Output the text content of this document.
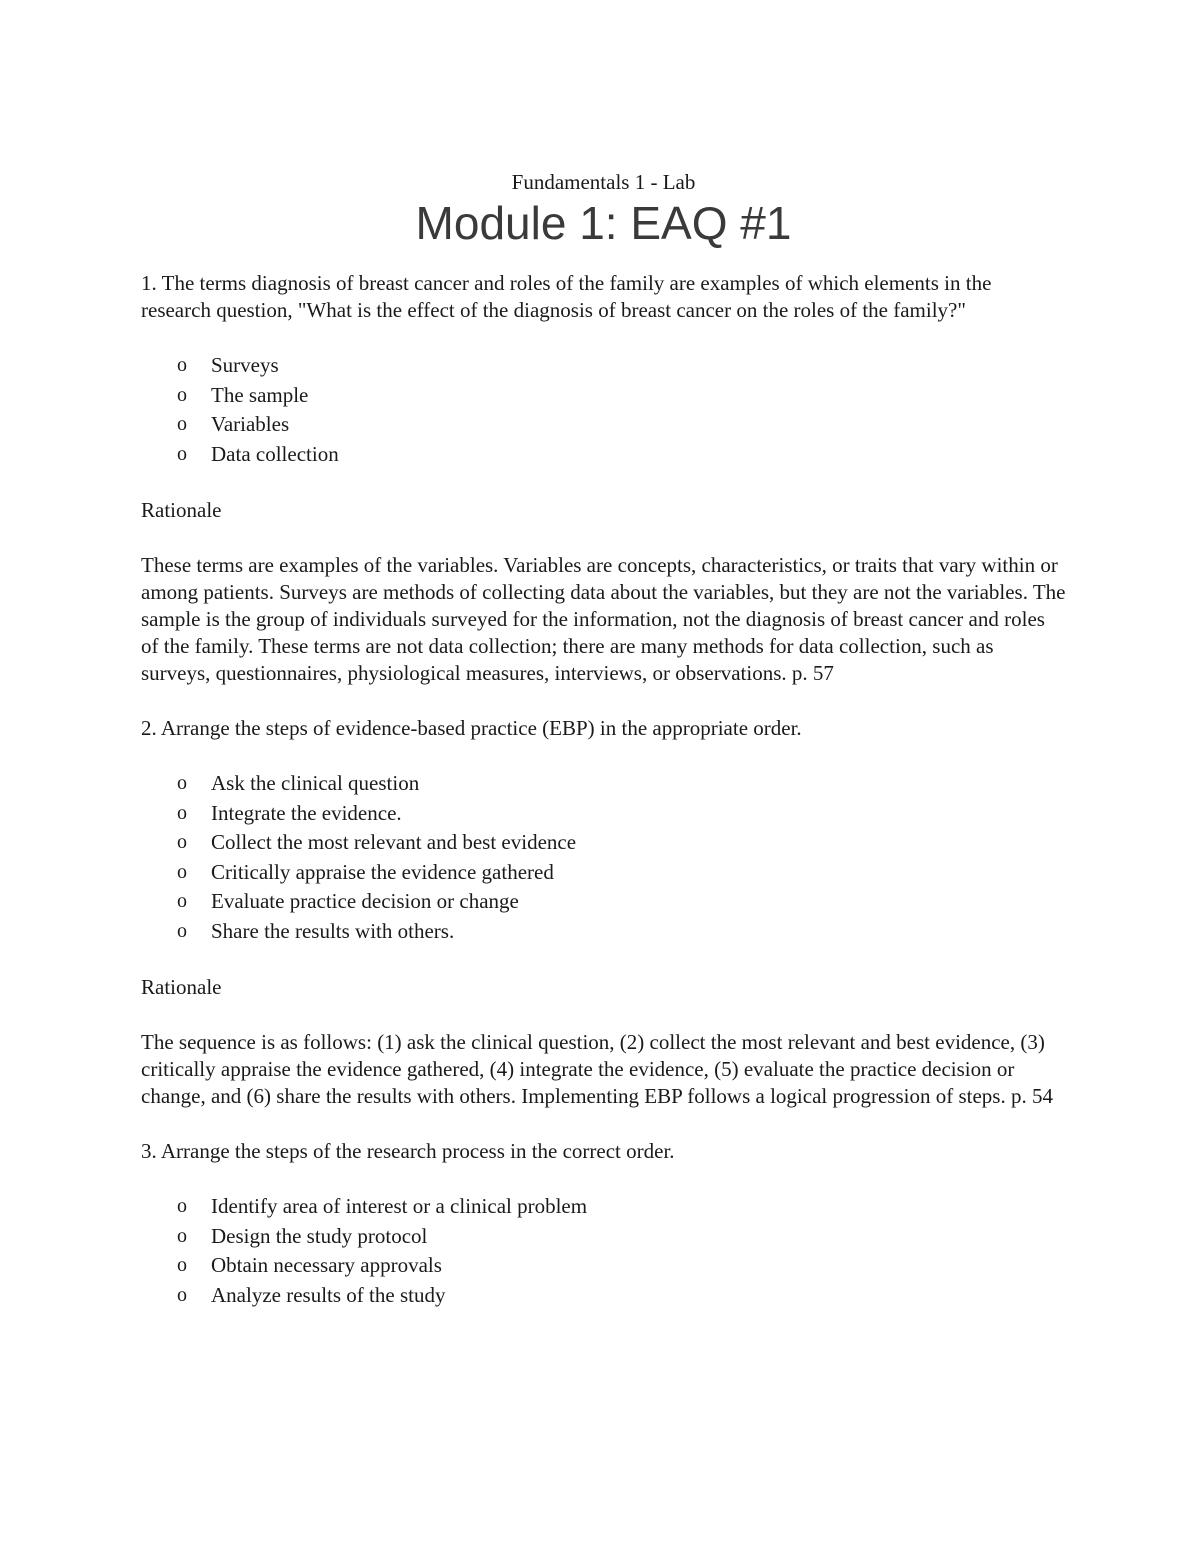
Fundamentals 1 - Lab

Module 1: EAQ #1

1. The terms diagnosis of breast cancer and roles of the family are examples of which elements in the research question, "What is the effect of the diagnosis of breast cancer on the roles of the family?"

o Surveys
o The sample
o Variables
o Data collection

Rationale

These terms are examples of the variables. Variables are concepts, characteristics, or traits that vary within or among patients. Surveys are methods of collecting data about the variables, but they are not the variables. The sample is the group of individuals surveyed for the information, not the diagnosis of breast cancer and roles of the family. These terms are not data collection; there are many methods for data collection, such as surveys, questionnaires, physiological measures, interviews, or observations. p. 57

2. Arrange the steps of evidence-based practice (EBP) in the appropriate order.

o Ask the clinical question
o Integrate the evidence.
o Collect the most relevant and best evidence
o Critically appraise the evidence gathered
o Evaluate practice decision or change
o Share the results with others.

Rationale

The sequence is as follows: (1) ask the clinical question, (2) collect the most relevant and best evidence, (3) critically appraise the evidence gathered, (4) integrate the evidence, (5) evaluate the practice decision or change, and (6) share the results with others. Implementing EBP follows a logical progression of steps. p. 54

3. Arrange the steps of the research process in the correct order.

o Identify area of interest or a clinical problem
o Design the study protocol
o Obtain necessary approvals
o Analyze results of the study
